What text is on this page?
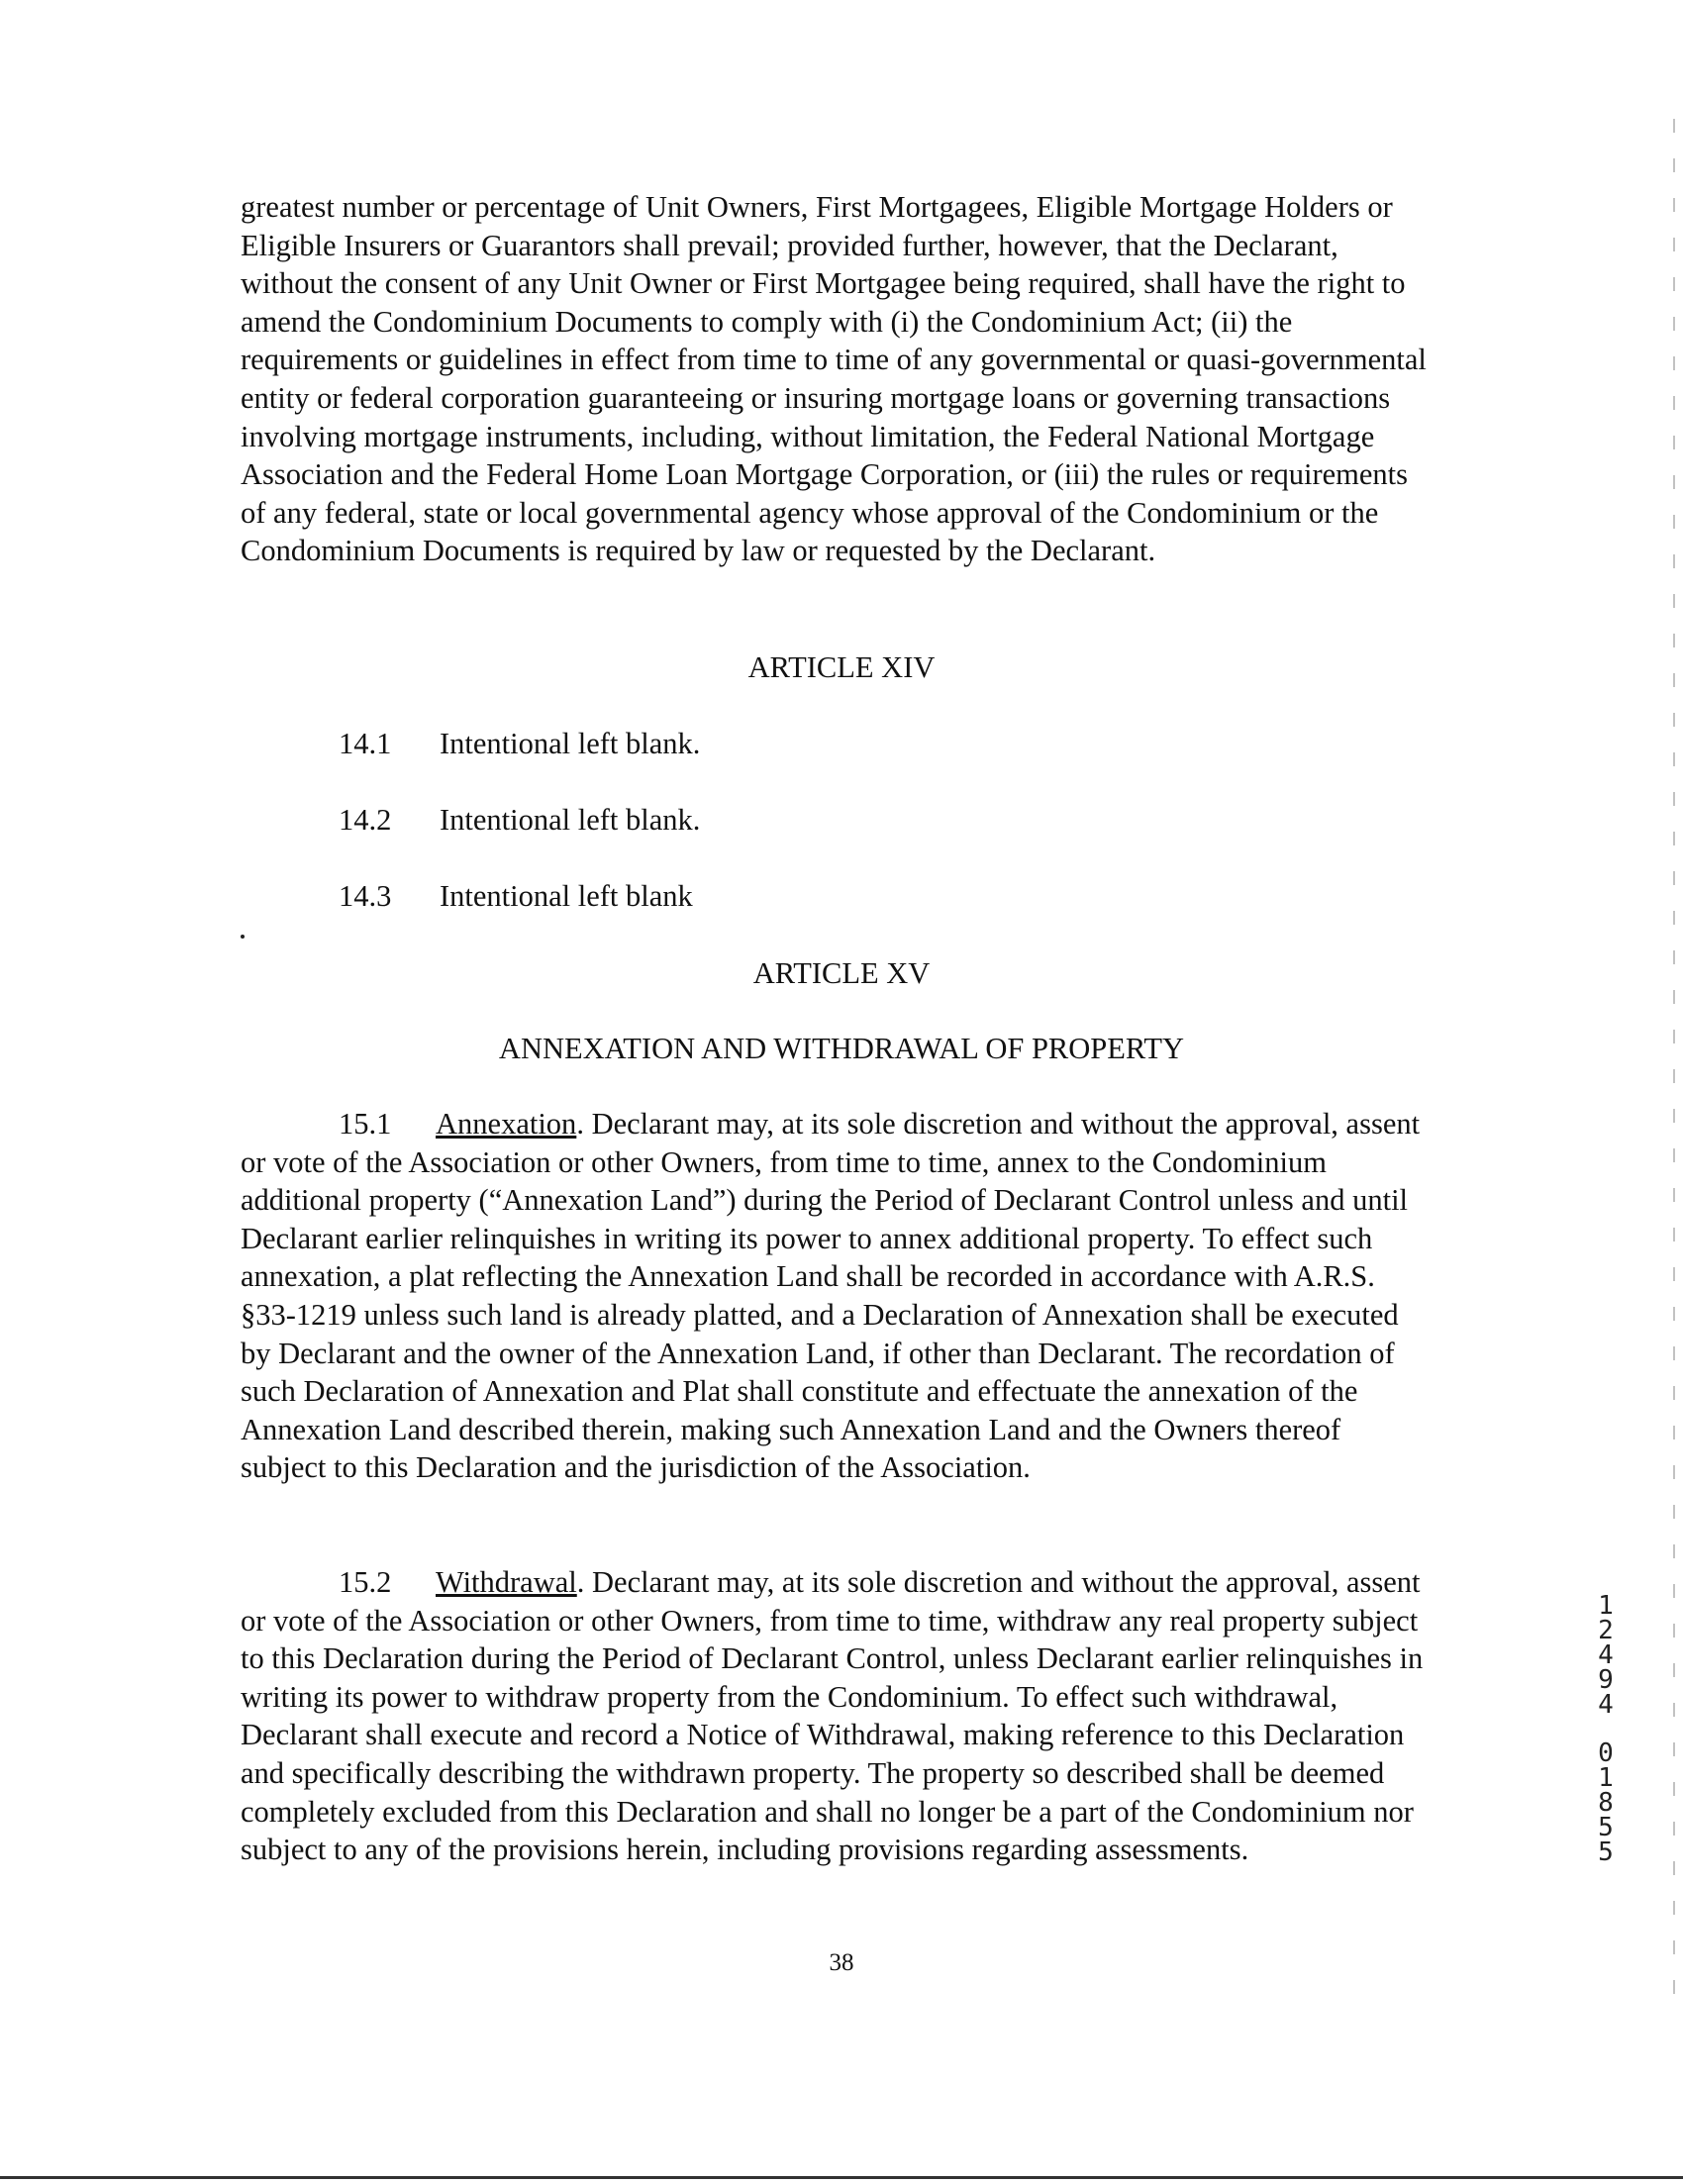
greatest number or percentage of Unit Owners, First Mortgagees, Eligible Mortgage Holders or Eligible Insurers or Guarantors shall prevail; provided further, however, that the Declarant, without the consent of any Unit Owner or First Mortgagee being required, shall have the right to amend the Condominium Documents to comply with (i) the Condominium Act; (ii) the requirements or guidelines in effect from time to time of any governmental or quasi-governmental entity or federal corporation guaranteeing or insuring mortgage loans or governing transactions involving mortgage instruments, including, without limitation, the Federal National Mortgage Association and the Federal Home Loan Mortgage Corporation, or (iii) the rules or requirements of any federal, state or local governmental agency whose approval of the Condominium or the Condominium Documents is required by law or requested by the Declarant.

ARTICLE XIV
14.1 Intentional left blank.
14.2 Intentional left blank.
14.3 Intentional left blank
ARTICLE XV
ANNEXATION AND WITHDRAWAL OF PROPERTY

15.1 Annexation. Declarant may, at its sole discretion and without the approval, assent or vote of the Association or other Owners, from time to time, annex to the Condominium additional property (“Annexation Land”) during the Period of Declarant Control unless and until Declarant earlier relinquishes in writing its power to annex additional property. To effect such annexation, a plat reflecting the Annexation Land shall be recorded in accordance with A.R.S. §33-1219 unless such land is already platted, and a Declaration of Annexation shall be executed by Declarant and the owner of the Annexation Land, if other than Declarant. The recordation of such Declaration of Annexation and Plat shall constitute and effectuate the annexation of the Annexation Land described therein, making such Annexation Land and the Owners thereof subject to this Declaration and the jurisdiction of the Association.

15.2 Withdrawal. Declarant may, at its sole discretion and without the approval, assent or vote of the Association or other Owners, from time to time, withdraw any real property subject to this Declaration during the Period of Declarant Control, unless Declarant earlier relinquishes in writing its power to withdraw property from the Condominium. To effect such withdrawal, Declarant shall execute and record a Notice of Withdrawal, making reference to this Declaration and specifically describing the withdrawn property. The property so described shall be deemed completely excluded from this Declaration and shall no longer be a part of the Condominium nor subject to any of the provisions herein, including provisions regarding assessments.

38
1
2
4
9
4
0
1
8
5
5
